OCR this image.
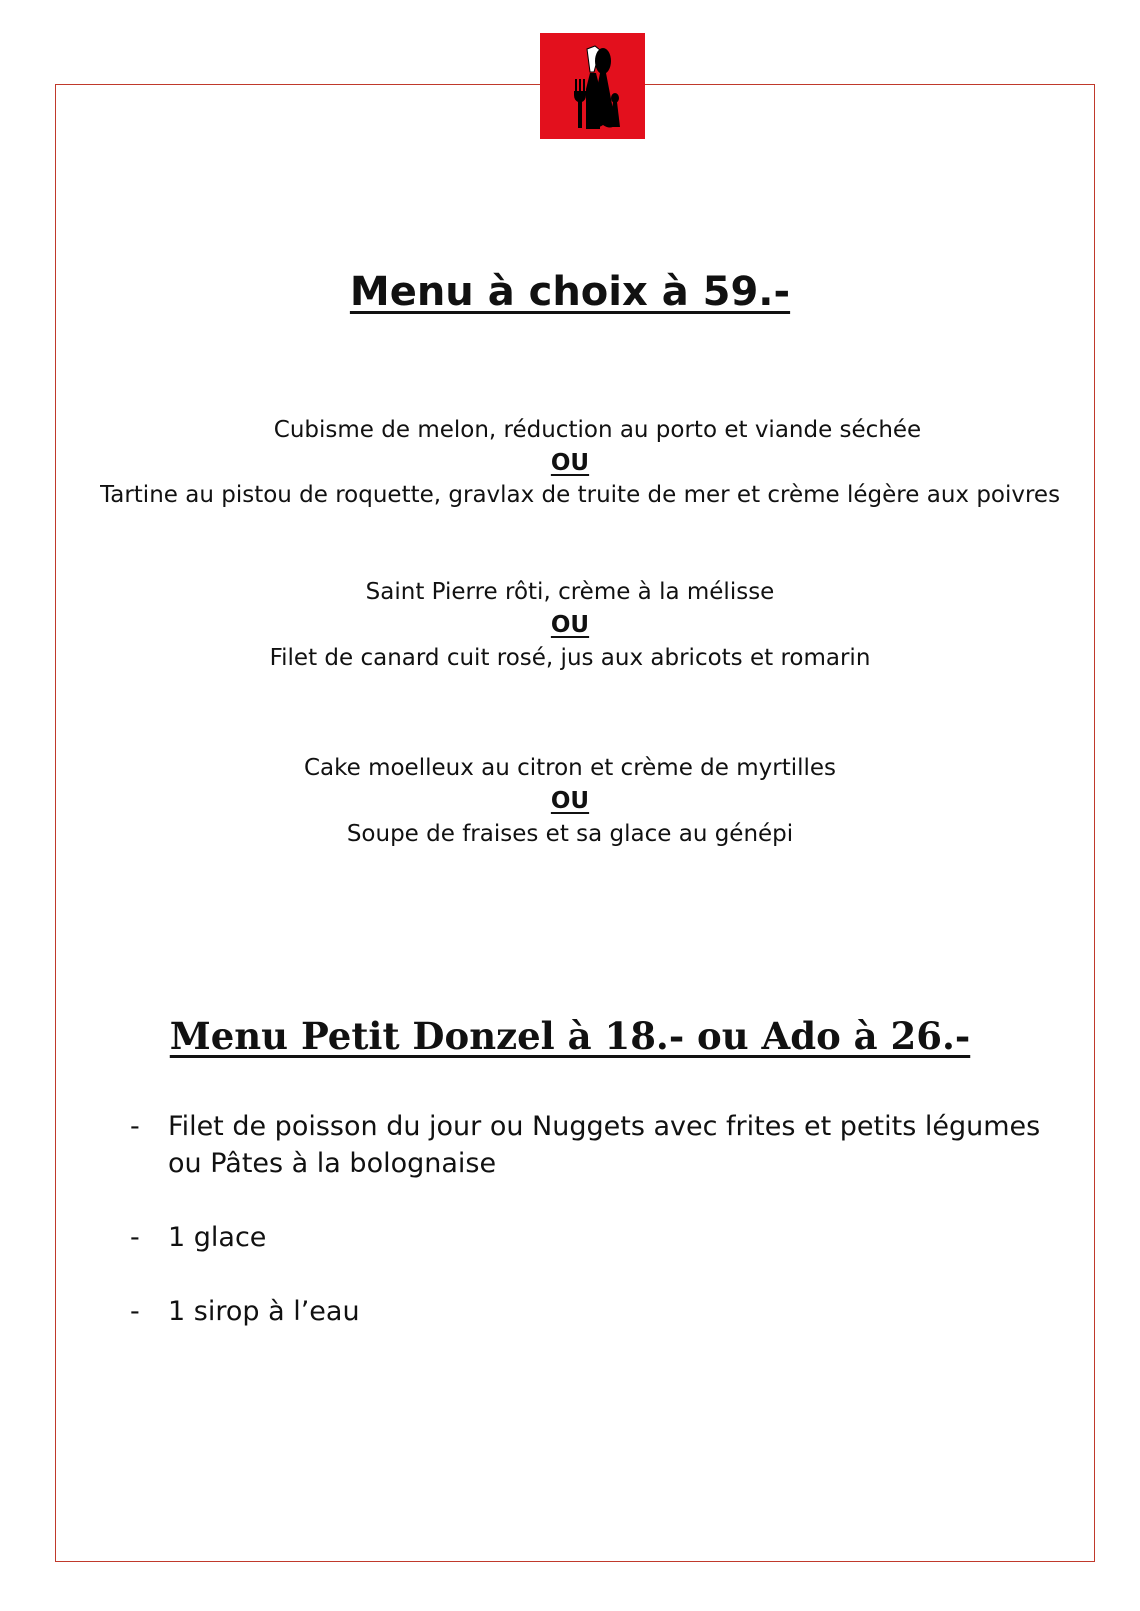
Menu à choix à 59.-
Cubisme de melon, réduction au porto et viande séchée
OU
Tartine au pistou de roquette, gravlax de truite de mer et crème légère aux poivres
Saint Pierre rôti, crème à la mélisse
OU
Filet de canard cuit rosé, jus aux abricots et romarin
Cake moelleux au citron et crème de myrtilles
OU
Soupe de fraises et sa glace au génépi
Menu Petit Donzel à 18.- ou Ado à 26.-
- Filet de poisson du jour ou Nuggets avec frites et petits légumes ou Pâtes à la bolognaise
- 1 glace
- 1 sirop à l’eau
